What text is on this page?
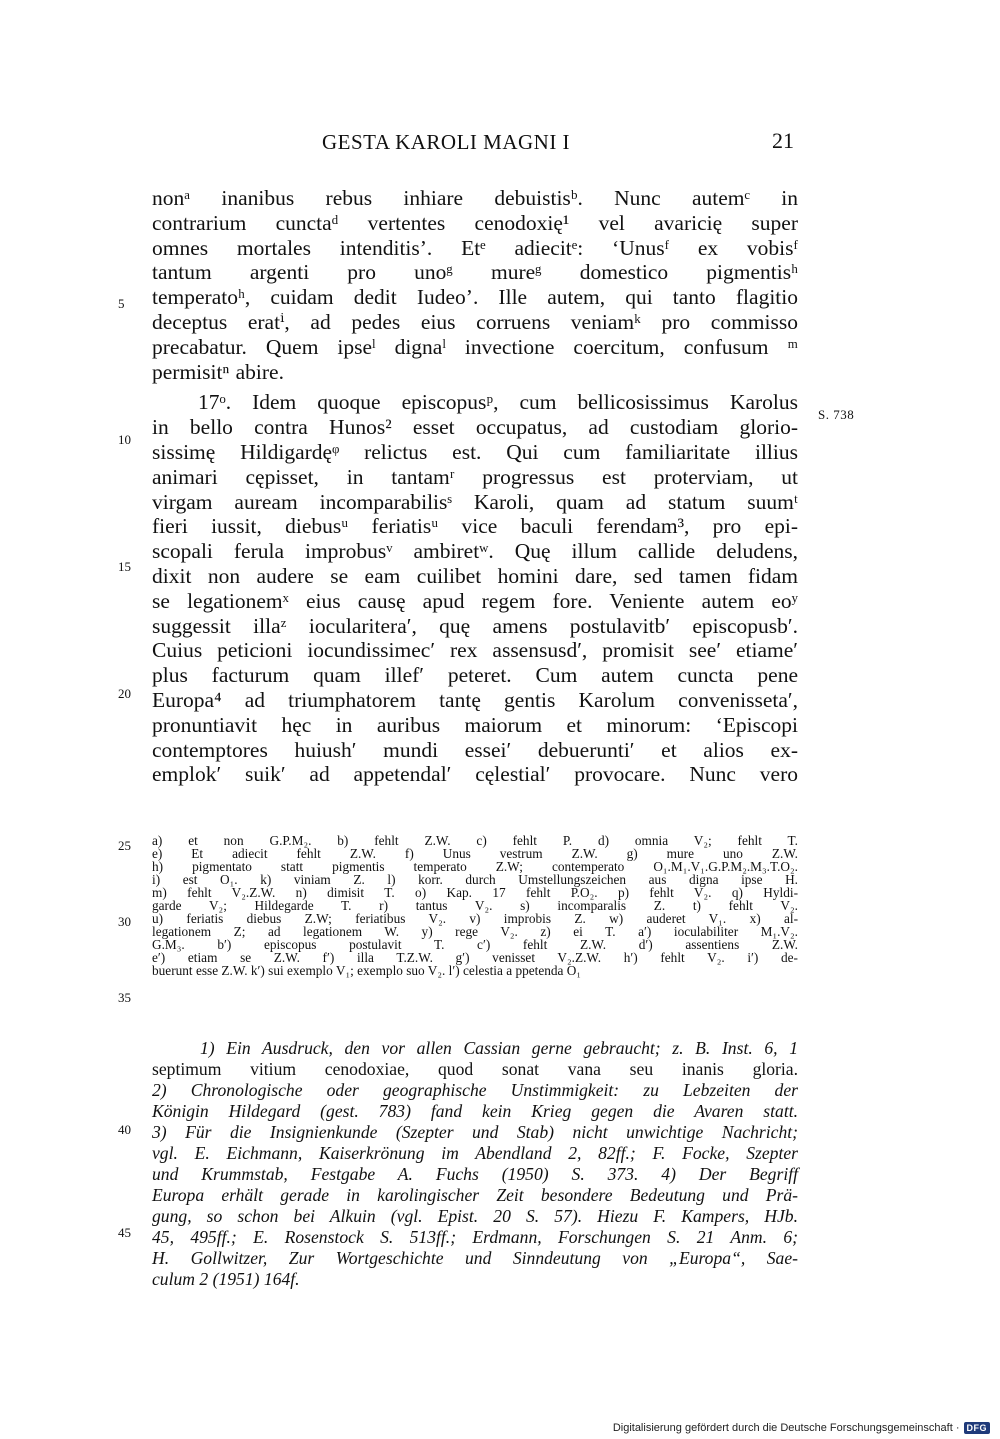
GESTA KAROLI MAGNI I	21
S. 738
5
10
15
20
25
30
35
40
45
nonᵃ inanibus rebus inhiare debuistisᵇ. Nunc autemᶜ in
contrarium cunctaᵈ vertentes cenodoxię¹ vel avaricię super
omnes mortales intenditis’. Etᵉ adiecitᵉ: ‘Unusᶠ ex vobisᶠ
tantum argenti pro unoᵍ mureᵍ domestico pigmentisʰ
temperatoʰ, cuidam dedit Iudeo’. Ille autem, qui tanto flagitio
deceptus eratⁱ, ad pedes eius corruens veniamᵏ pro commisso
precabatur. Quem ipseˡ dignaˡ invectione coercitum, confusum ᵐ
permisitⁿ abire.
17ᵒ. Idem quoque episcopusᵖ, cum bellicosissimus Karolus
in bello contra Hunos² esset occupatus, ad custodiam glorio-
sissimę Hildigardęᵠ relictus est. Qui cum familiaritate illius
animari cępisset, in tantamʳ progressus est proterviam, ut
virgam auream incomparabilisˢ Karoli, quam ad statum suumᵗ
fieri iussit, diebusᵘ feriatisᵘ vice baculi ferendam³, pro epi-
scopali ferula improbusᵛ ambiretʷ. Quę illum callide deludens,
dixit non audere se eam cuilibet homini dare, sed tamen fidam
se legationemˣ eius causę apud regem fore. Veniente autem eoʸ
suggessit illaᶻ iocularitera′, quę amens postulavitb′ episcopusb′.
Cuius peticioni iocundissimec′ rex assensusd′, promisit see′ etiame′
plus facturum quam illef′ peteret. Cum autem cuncta pene
Europa⁴ ad triumphatorem tantę gentis Karolum convenisseta′,
pronuntiavit hęc in auribus maiorum et minorum: ‘Episcopi
contemptores huiush′ mundi essei′ debuerunti′ et alios ex-
emplok′ suik′ ad appetendal′ cęlestial′ provocare. Nunc vero
a) et non G.P.M₂. b) fehlt Z.W. c) fehlt P. d) omnia V₂; fehlt T.
e) Et adiecit fehlt Z.W. f) Unus vestrum Z.W. g) mure uno Z.W.
h) pigmentato statt pigmentis temperato Z.W; contemperato O₁.M₁.V₁.G.P.M₂.M₃.T.O₂.
i) est O₁. k) viniam Z. l) korr. durch Umstellungszeichen aus digna ipse H.
m) fehlt V₂.Z.W. n) dimisit T. o) Kap. 17 fehlt P.O₂. p) fehlt V₂. q) Hyldi-
garde V₂; Hildegarde T. r) tantus V₂. s) incomparalis Z. t) fehlt V₂.
u) feriatis diebus Z.W; feriatibus V₂. v) improbis Z. w) auderet V₁. x) al-
legationem Z; ad legationem W. y) rege V₂. z) ei T. a′) ioculabiliter M₁.V₂.
G.M₃. b′) episcopus postulavit T. c′) fehlt Z.W. d′) assentiens Z.W.
e′) etiam se Z.W. f′) illa T.Z.W. g′) venisset V₂.Z.W. h′) fehlt V₂. i′) de-
buerunt esse Z.W. k′) sui exemplo V₁; exemplo suo V₂. l′) celestia a ppetenda O₁
1) Ein Ausdruck, den vor allen Cassian gerne gebraucht; z. B. Inst. 6, 1
septimum vitium cenodoxiae, quod sonat vana seu inanis gloria.
2) Chronologische oder geographische Unstimmigkeit: zu Lebzeiten der
Königin Hildegard (gest. 783) fand kein Krieg gegen die Avaren statt.
3) Für die Insignienkunde (Szepter und Stab) nicht unwichtige Nachricht;
vgl. E. Eichmann, Kaiserkrönung im Abendland 2, 82ff.; F. Focke, Szepter
und Krummstab, Festgabe A. Fuchs (1950) S. 373. 4) Der Begriff
Europa erhält gerade in karolingischer Zeit besondere Bedeutung und Prä-
gung, so schon bei Alkuin (vgl. Epist. 20 S. 57). Hiezu F. Kampers, HJb.
45, 495ff.; E. Rosenstock S. 513ff.; Erdmann, Forschungen S. 21 Anm. 6;
H. Gollwitzer, Zur Wortgeschichte und Sinndeutung von „Europa“, Sae-
culum 2 (1951) 164f.
Digitalisierung gefördert durch die Deutsche Forschungsgemeinschaft · DFG
